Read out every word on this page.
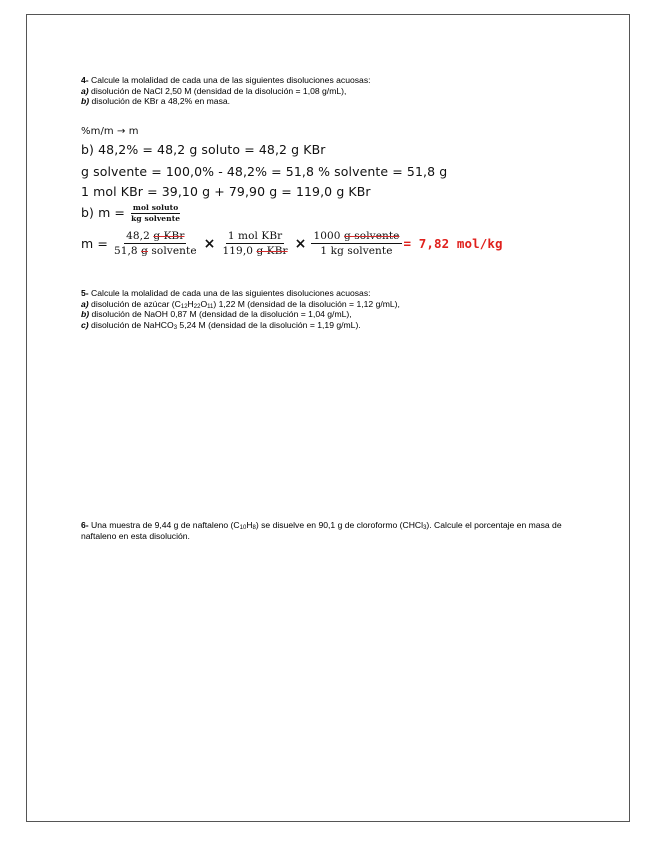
4- Calcule la molalidad de cada una de las siguientes disoluciones acuosas:
a) disolución de NaCl 2,50 M (densidad de la disolución = 1,08 g/mL),
b) disolución de KBr a 48,2% en masa.
%m/m → m
b) 48,2% = 48,2 g soluto = 48,2 g KBr
g solvente = 100,0% - 48,2% = 51,8 % solvente = 51,8 g
1 mol KBr = 39,10 g + 79,90 g = 119,0 g KBr
b) $m = \frac{\text{mol soluto}}{\text{kg solvente}}$
$m = \frac{\text{48,2 g KBr}}{\text{51,8 g solvente}} \times \frac{\text{1 mol KBr}}{\text{119,0 g KBr}} \times \frac{\text{1000 g solvente}}{\text{1 kg solvente}} = 7,82$ mol/kg
5- Calcule la molalidad de cada una de las siguientes disoluciones acuosas:
a) disolución de azúcar $(C_{12}H_{22}O_{11})$ 1,22 M (densidad de la disolución = 1,12 g/mL),
b) disolución de NaOH 0,87 M (densidad de la disolución = 1,04 g/mL),
c) disolución de NaHCO$_3$ 5,24 M (densidad de la disolución = 1,19 g/mL).
6- Una muestra de 9,44 g de naftaleno $(C_{10}H_8)$ se disuelve en 90,1 g de cloroformo (CHCl$_3$). Calcule el porcentaje en masa de naftaleno en esta disolución.
